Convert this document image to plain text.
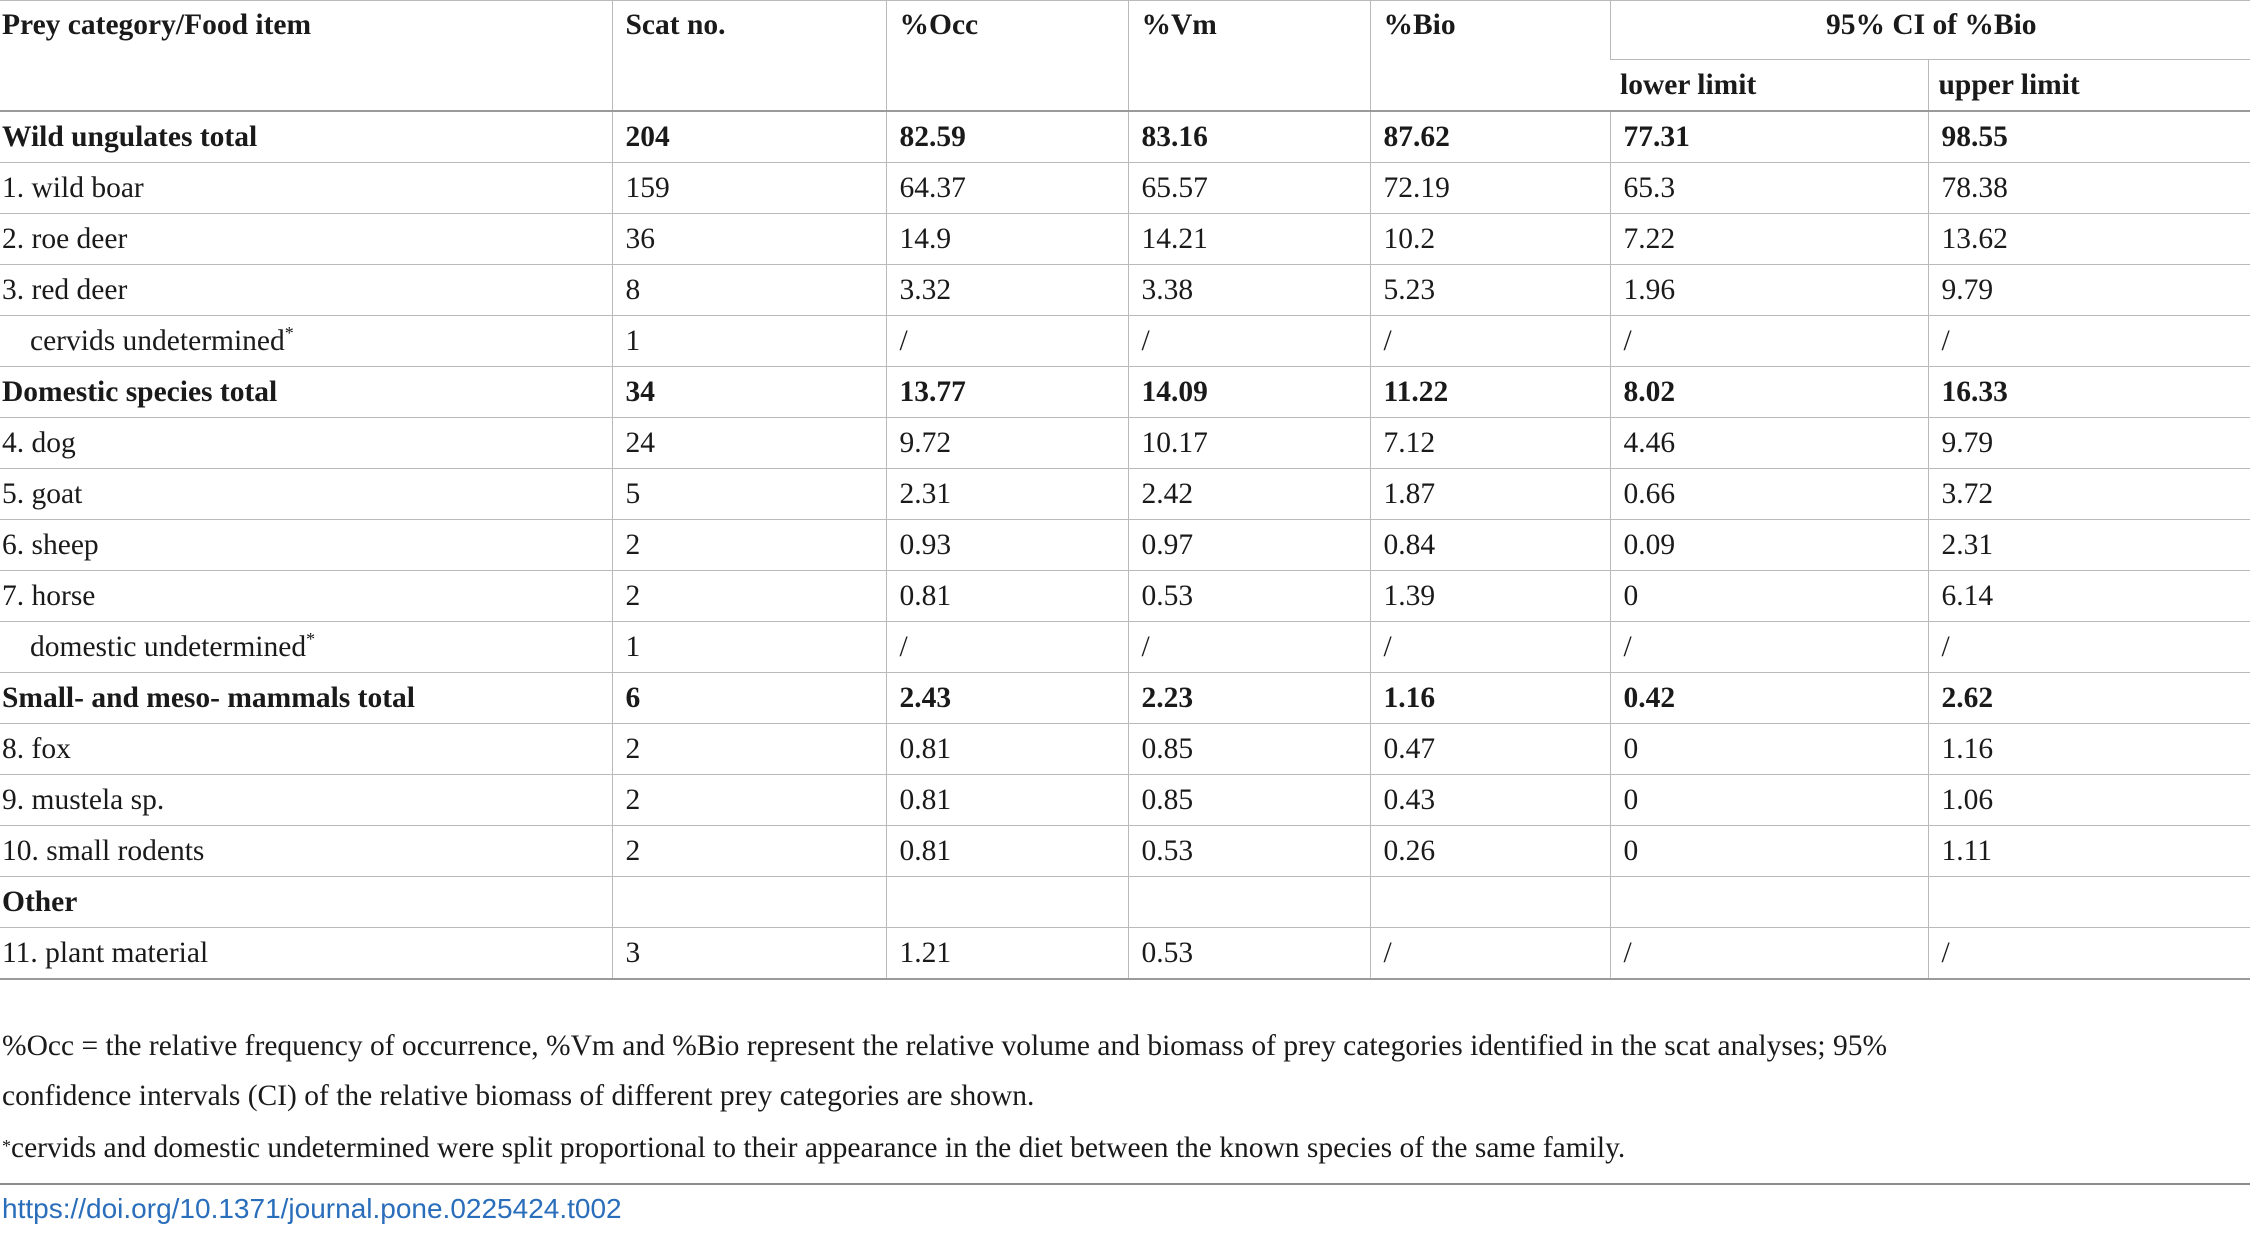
Prey category/Food item	Scat no.	%Occ	%Vm	%Bio	95% CI of %Bio	
					lower limit	upper limit
Wild ungulates total	204	82.59	83.16	87.62	77.31	98.55
1. wild boar	159	64.37	65.57	72.19	65.3	78.38
2. roe deer	36	14.9	14.21	10.2	7.22	13.62
3. red deer	8	3.32	3.38	5.23	1.96	9.79
cervids undetermined*	1	/	/	/	/	/
Domestic species total	34	13.77	14.09	11.22	8.02	16.33
4. dog	24	9.72	10.17	7.12	4.46	9.79
5. goat	5	2.31	2.42	1.87	0.66	3.72
6. sheep	2	0.93	0.97	0.84	0.09	2.31
7. horse	2	0.81	0.53	1.39	0	6.14
domestic undetermined*	1	/	/	/	/	/
Small- and meso- mammals total	6	2.43	2.23	1.16	0.42	2.62
8. fox	2	0.81	0.85	0.47	0	1.16
9. mustela sp.	2	0.81	0.85	0.43	0	1.06
10. small rodents	2	0.81	0.53	0.26	0	1.11
Other						
11. plant material	3	1.21	0.53	/	/	/
%Occ = the relative frequency of occurrence, %Vm and %Bio represent the relative volume and biomass of prey categories identified in the scat analyses; 95%
confidence intervals (CI) of the relative biomass of different prey categories are shown.
*cervids and domestic undetermined were split proportional to their appearance in the diet between the known species of the same family.
https://doi.org/10.1371/journal.pone.0225424.t002
